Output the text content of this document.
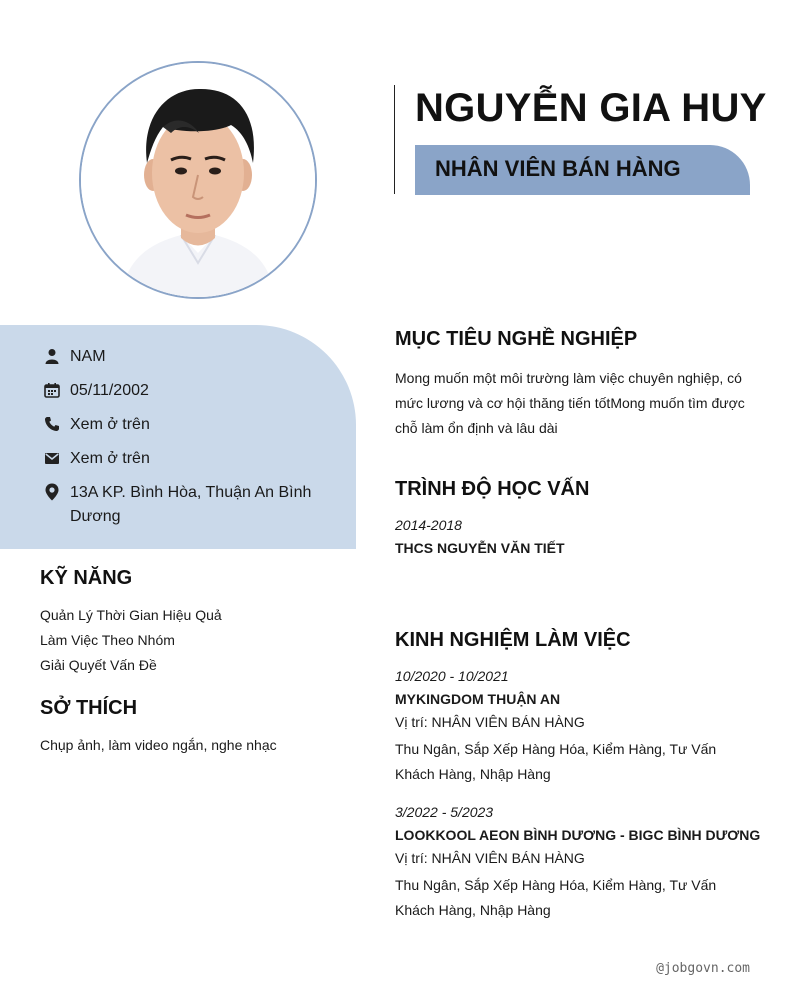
NGUYỄN GIA HUY
NHÂN VIÊN BÁN HÀNG
NAM
05/11/2002
Xem ở trên
Xem ở trên
13A KP. Bình Hòa, Thuận An Bình Dương
KỸ NĂNG
Quản Lý Thời Gian Hiệu Quả
Làm Việc Theo Nhóm
Giải Quyết Vấn Đề
SỞ THÍCH
Chụp ảnh, làm video ngắn, nghe nhạc
MỤC TIÊU NGHỀ NGHIỆP
Mong muốn một môi trường làm việc chuyên nghiệp, có mức lương và cơ hội thăng tiến tốtMong muốn tìm được chỗ làm ổn định và lâu dài
TRÌNH ĐỘ HỌC VẤN
2014-2018
THCS NGUYỄN VĂN TIẾT
KINH NGHIỆM LÀM VIỆC
10/2020 - 10/2021
MYKINGDOM THUẬN AN
Vị trí: NHÂN VIÊN BÁN HÀNG
Thu Ngân, Sắp Xếp Hàng Hóa, Kiểm Hàng, Tư Vấn Khách Hàng, Nhập Hàng
3/2022 - 5/2023
LOOKKOOL AEON BÌNH DƯƠNG - BIGC BÌNH DƯƠNG
Vị trí: NHÂN VIÊN BÁN HÀNG
Thu Ngân, Sắp Xếp Hàng Hóa, Kiểm Hàng, Tư Vấn Khách Hàng, Nhập Hàng
@jobgovn.com
